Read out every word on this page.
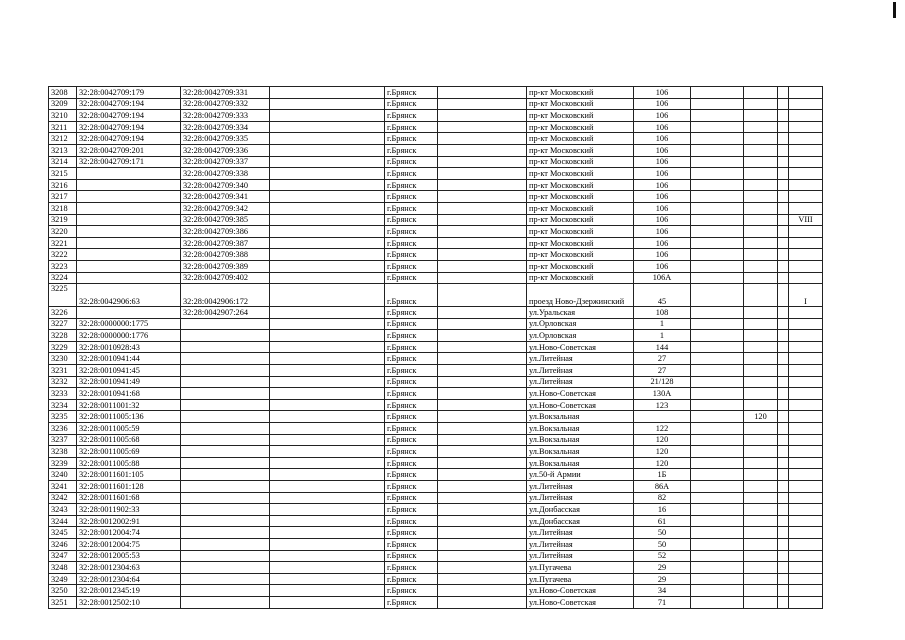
3208	32:28:0042709:179	32:28:0042709:331		г.Брянск		пр-кт Московский	106				
3209	32:28:0042709:194	32:28:0042709:332		г.Брянск		пр-кт Московский	106				
3210	32:28:0042709:194	32:28:0042709:333		г.Брянск		пр-кт Московский	106				
3211	32:28:0042709:194	32:28:0042709:334		г.Брянск		пр-кт Московский	106				
3212	32:28:0042709:194	32:28:0042709:335		г.Брянск		пр-кт Московский	106				
3213	32:28:0042709:201	32:28:0042709:336		г.Брянск		пр-кт Московский	106				
3214	32:28:0042709:171	32:28:0042709:337		г.Брянск		пр-кт Московский	106				
3215		32:28:0042709:338		г.Брянск		пр-кт Московский	106				
3216		32:28:0042709:340		г.Брянск		пр-кт Московский	106				
3217		32:28:0042709:341		г.Брянск		пр-кт Московский	106				
3218		32:28:0042709:342		г.Брянск		пр-кт Московский	106				
3219		32:28:0042709:385		г.Брянск		пр-кт Московский	106				VIII
3220		32:28:0042709:386		г.Брянск		пр-кт Московский	106				
3221		32:28:0042709:387		г.Брянск		пр-кт Московский	106				
3222		32:28:0042709:388		г.Брянск		пр-кт Московский	106				
3223		32:28:0042709:389		г.Брянск		пр-кт Московский	106				
3224		32:28:0042709:402		г.Брянск		пр-кт Московский	106А				
3225	32:28:0042906:63	32:28:0042906:172		г.Брянск		проезд Ново-Дзержинский	45				I
3226		32:28:0042907:264		г.Брянск		ул.Уральская	108				
3227	32:28:0000000:1775			г.Брянск		ул.Орловская	1				
3228	32:28:0000000:1776			г.Брянск		ул.Орловская	1				
3229	32:28:0010928:43			г.Брянск		ул.Ново-Советская	144				
3230	32:28:0010941:44			г.Брянск		ул.Литейная	27				
3231	32:28:0010941:45			г.Брянск		ул.Литейная	27				
3232	32:28:0010941:49			г.Брянск		ул.Литейная	21/128				
3233	32:28:0010941:68			г.Брянск		ул.Ново-Советская	130А				
3234	32:28:0011001:32			г.Брянск		ул.Ново-Советская	123				
3235	32:28:0011005:136			г.Брянск		ул.Вокзальная			120		
3236	32:28:0011005:59			г.Брянск		ул.Вокзальная	122				
3237	32:28:0011005:68			г.Брянск		ул.Вокзальная	120				
3238	32:28:0011005:69			г.Брянск		ул.Вокзальная	120				
3239	32:28:0011005:88			г.Брянск		ул.Вокзальная	120				
3240	32:28:0011601:105			г.Брянск		ул.50-й Армии	1Б				
3241	32:28:0011601:128			г.Брянск		ул.Литейная	86А				
3242	32:28:0011601:68			г.Брянск		ул.Литейная	82				
3243	32:28:0011902:33			г.Брянск		ул.Донбасская	16				
3244	32:28:0012002:91			г.Брянск		ул.Донбасская	61				
3245	32:28:0012004:74			г.Брянск		ул.Литейная	50				
3246	32:28:0012004:75			г.Брянск		ул.Литейная	50				
3247	32:28:0012005:53			г.Брянск		ул.Литейная	52				
3248	32:28:0012304:63			г.Брянск		ул.Пугачева	29				
3249	32:28:0012304:64			г.Брянск		ул.Пугачева	29				
3250	32:28:0012345:19			г.Брянск		ул.Ново-Советская	34				
3251	32:28:0012502:10			г.Брянск		ул.Ново-Советская	71				
